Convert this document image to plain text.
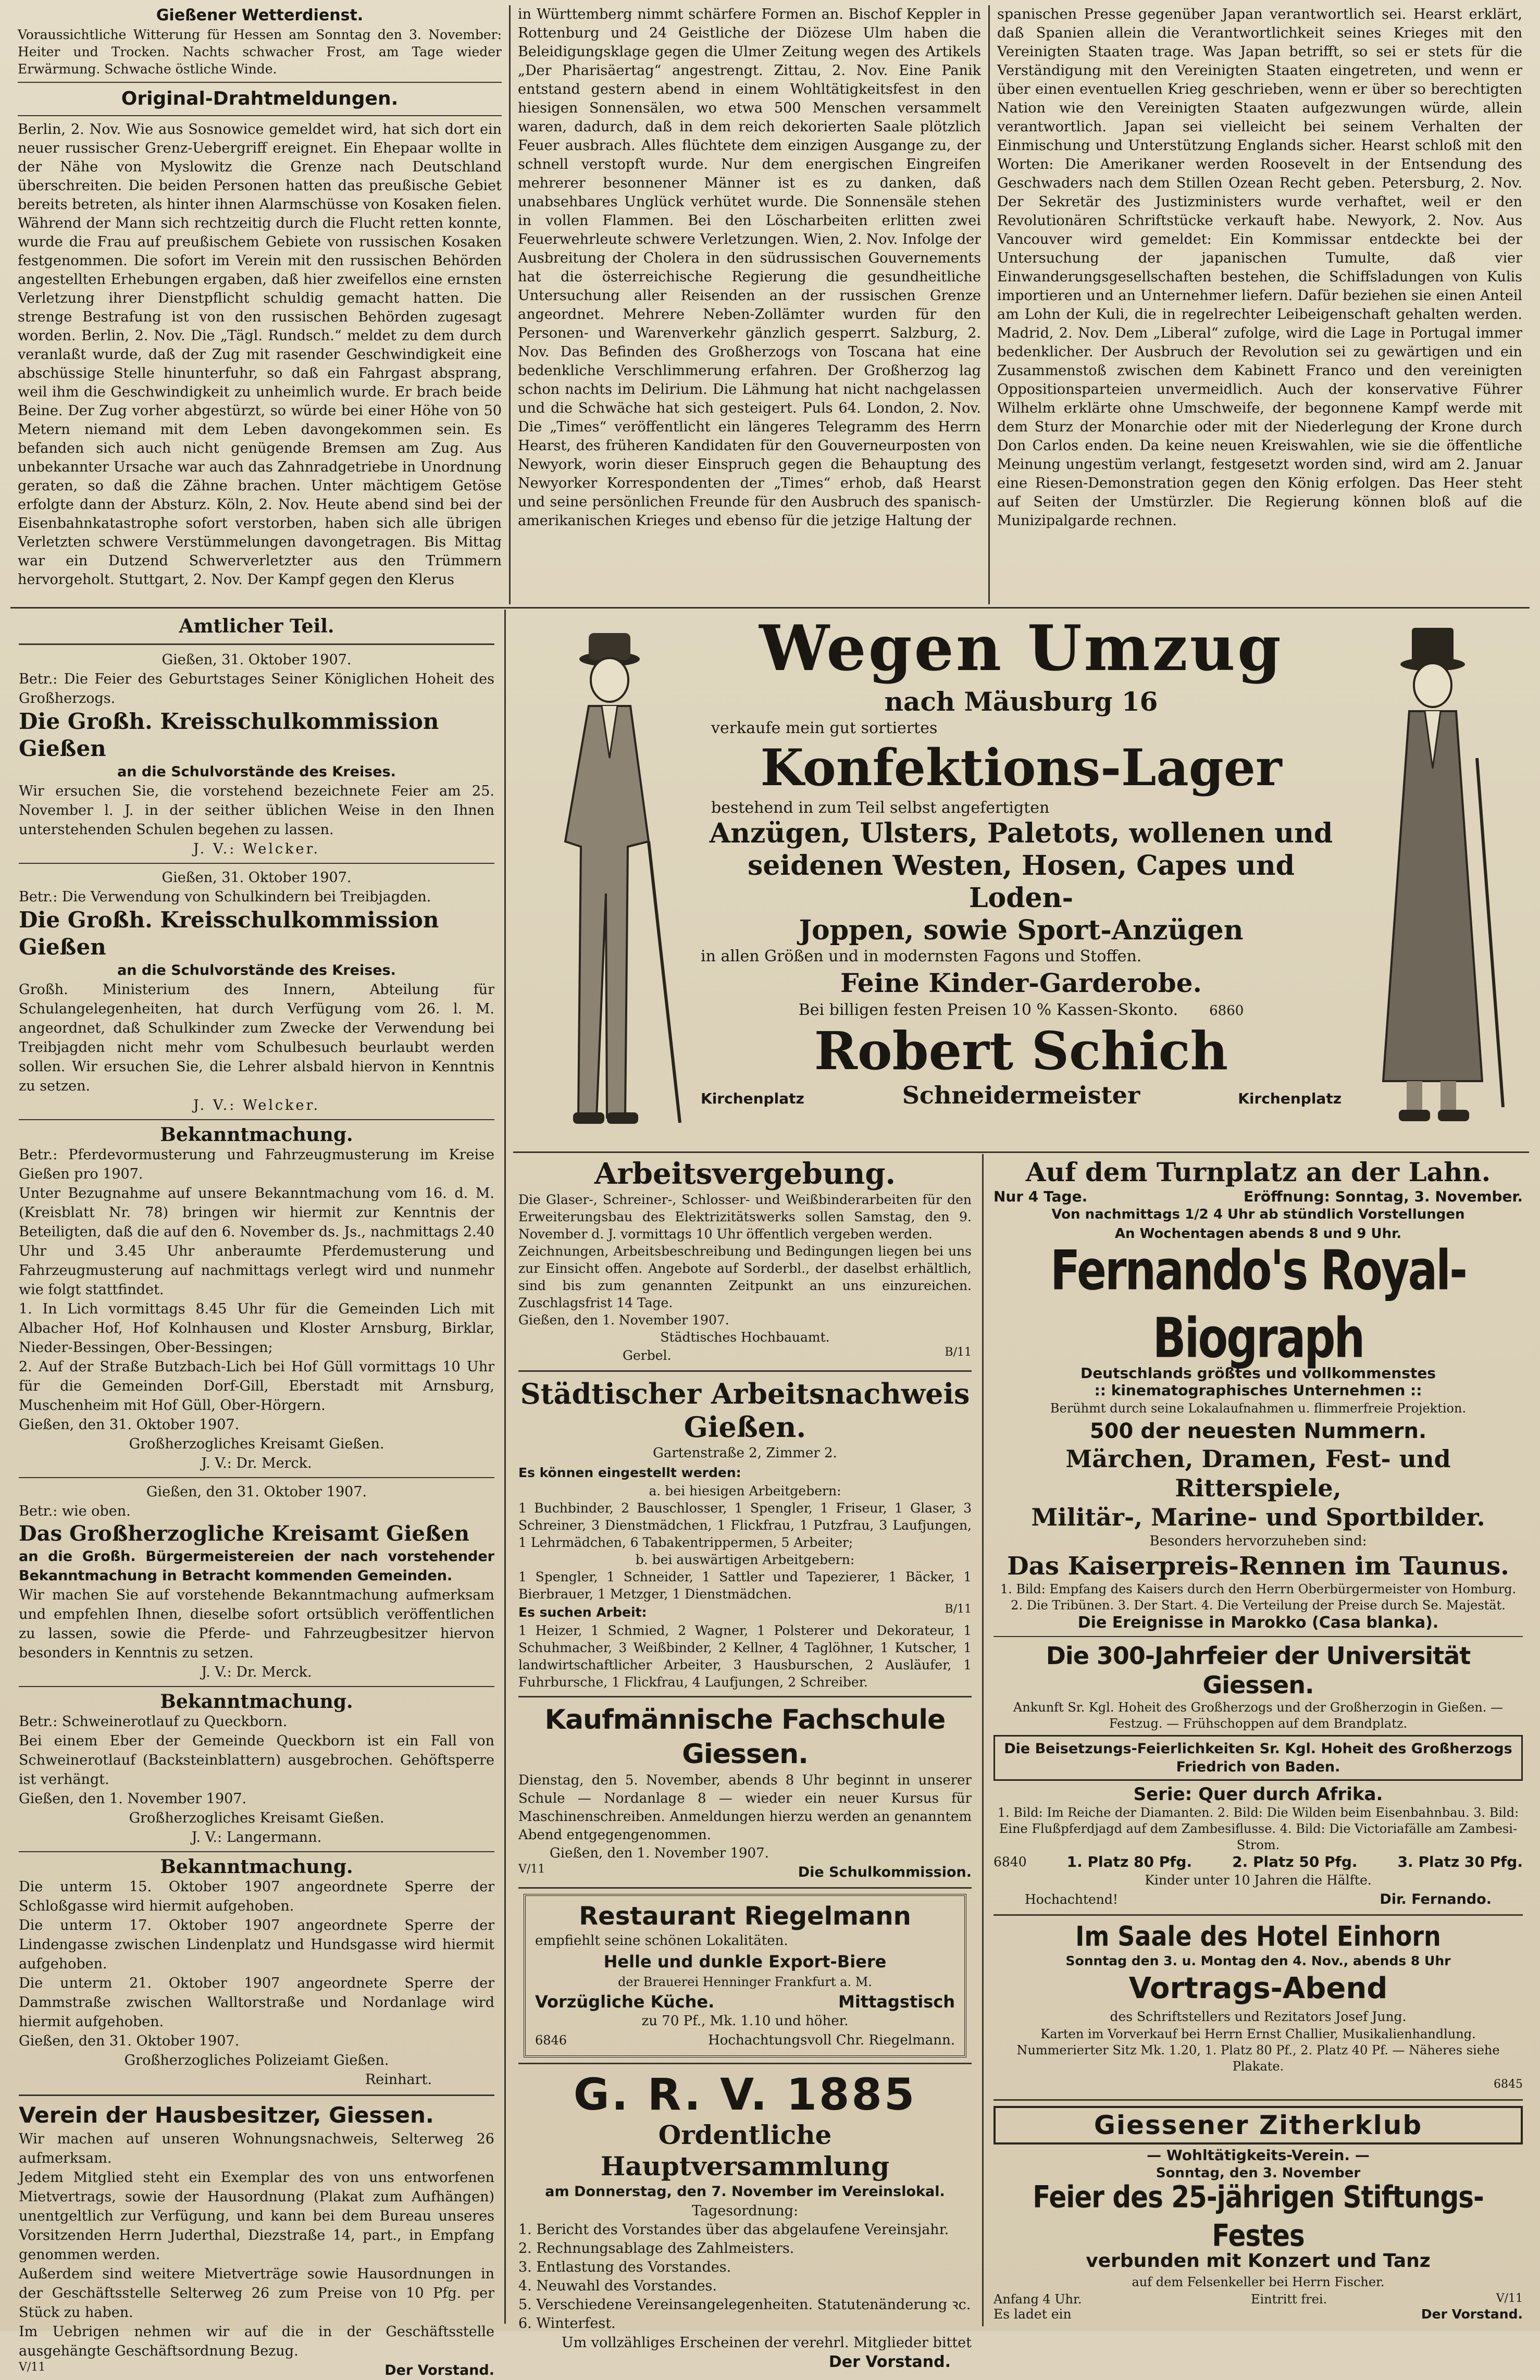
Gießener Wetterdienst.

Voraussichtliche Witterung für Hessen am Sonntag den 3. November: Heiter und Trocken. Nachts schwacher Frost, am Tage wieder Erwärmung. Schwache östliche Winde.

Original-Drahtmeldungen.

Berlin, 2. Nov. Wie aus Sosnowice gemeldet wird, hat sich dort ein neuer russischer Grenz-Uebergriff ereignet. Ein Ehepaar wollte in der Nähe von Myslowitz die Grenze nach Deutschland überschreiten. Die beiden Personen hatten das preußische Gebiet bereits betreten, als hinter ihnen Alarmschüsse von Kosaken fielen. Während der Mann sich rechtzeitig durch die Flucht retten konnte, wurde die Frau auf preußischem Gebiete von russischen Kosaken festgenommen. Die sofort im Verein mit den russischen Behörden angestellten Erhebungen ergaben, daß hier zweifellos eine ernsten Verletzung ihrer Dienstpflicht schuldig gemacht hatten. Die strenge Bestrafung ist von den russischen Behörden zugesagt worden. Berlin, 2. Nov. Die „Tägl. Rundsch.“ meldet zu dem durch veranlaßt wurde, daß der Zug mit rasender Geschwindigkeit eine abschüssige Stelle hinunterfuhr, so daß ein Fahrgast absprang, weil ihm die Geschwindigkeit zu unheimlich wurde. Er brach beide Beine. Der Zug vorher abgestürzt, so würde bei einer Höhe von 50 Metern niemand mit dem Leben davongekommen sein. Es befanden sich auch nicht genügende Bremsen am Zug. Aus unbekannter Ursache war auch das Zahnradgetriebe in Unordnung geraten, so daß die Zähne brachen. Unter mächtigem Getöse erfolgte dann der Absturz. Köln, 2. Nov. Heute abend sind bei der Eisenbahnkatastrophe sofort verstorben, haben sich alle übrigen Verletzten schwere Verstümmelungen davongetragen. Bis Mittag war ein Dutzend Schwerverletzter aus den Trümmern hervorgeholt. Stuttgart, 2. Nov. Der Kampf gegen den Klerus

in Württemberg nimmt schärfere Formen an. Bischof Keppler in Rottenburg und 24 Geistliche der Diözese Ulm haben die Beleidigungsklage gegen die Ulmer Zeitung wegen des Artikels „Der Pharisäertag“ angestrengt. Zittau, 2. Nov. Eine Panik entstand gestern abend in einem Wohltätigkeitsfest in den hiesigen Sonnensälen, wo etwa 500 Menschen versammelt waren, dadurch, daß in dem reich dekorierten Saale plötzlich Feuer ausbrach. Alles flüchtete dem einzigen Ausgange zu, der schnell verstopft wurde. Nur dem energischen Eingreifen mehrerer besonnener Männer ist es zu danken, daß unabsehbares Unglück verhütet wurde. Die Sonnensäle stehen in vollen Flammen. Bei den Löscharbeiten erlitten zwei Feuerwehrleute schwere Verletzungen. Wien, 2. Nov. Infolge der Ausbreitung der Cholera in den südrussischen Gouvernements hat die österreichische Regierung die gesundheitliche Untersuchung aller Reisenden an der russischen Grenze angeordnet. Mehrere Neben-Zollämter wurden für den Personen- und Warenverkehr gänzlich gesperrt. Salzburg, 2. Nov. Das Befinden des Großherzogs von Toscana hat eine bedenkliche Verschlimmerung erfahren. Der Großherzog lag schon nachts im Delirium. Die Lähmung hat nicht nachgelassen und die Schwäche hat sich gesteigert. Puls 64. London, 2. Nov. Die „Times“ veröffentlicht ein längeres Telegramm des Herrn Hearst, des früheren Kandidaten für den Gouverneurposten von Newyork, worin dieser Einspruch gegen die Behauptung des Newyorker Korrespondenten der „Times“ erhob, daß Hearst und seine persönlichen Freunde für den Ausbruch des spanisch-amerikanischen Krieges und ebenso für die jetzige Haltung der

spanischen Presse gegenüber Japan verantwortlich sei. Hearst erklärt, daß Spanien allein die Verantwortlichkeit seines Krieges mit den Vereinigten Staaten trage. Was Japan betrifft, so sei er stets für die Verständigung mit den Vereinigten Staaten eingetreten, und wenn er über einen eventuellen Krieg geschrieben, wenn er über so berechtigten Nation wie den Vereinigten Staaten aufgezwungen würde, allein verantwortlich. Japan sei vielleicht bei seinem Verhalten der Einmischung und Unterstützung Englands sicher. Hearst schloß mit den Worten: Die Amerikaner werden Roosevelt in der Entsendung des Geschwaders nach dem Stillen Ozean Recht geben. Petersburg, 2. Nov. Der Sekretär des Justizministers wurde verhaftet, weil er den Revolutionären Schriftstücke verkauft habe. Newyork, 2. Nov. Aus Vancouver wird gemeldet: Ein Kommissar entdeckte bei der Untersuchung der japanischen Tumulte, daß vier Einwanderungsgesellschaften bestehen, die Schiffsladungen von Kulis importieren und an Unternehmer liefern. Dafür beziehen sie einen Anteil am Lohn der Kuli, die in regelrechter Leibeigenschaft gehalten werden. Madrid, 2. Nov. Dem „Liberal“ zufolge, wird die Lage in Portugal immer bedenklicher. Der Ausbruch der Revolution sei zu gewärtigen und ein Zusammenstoß zwischen dem Kabinett Franco und den vereinigten Oppositionsparteien unvermeidlich. Auch der konservative Führer Wilhelm erklärte ohne Umschweife, der begonnene Kampf werde mit dem Sturz der Monarchie oder mit der Niederlegung der Krone durch Don Carlos enden. Da keine neuen Kreiswahlen, wie sie die öffentliche Meinung ungestüm verlangt, festgesetzt worden sind, wird am 2. Januar eine Riesen-Demonstration gegen den König erfolgen. Das Heer steht auf Seiten der Umstürzler. Die Regierung können bloß auf die Munizipalgarde rechnen.

Amtlicher Teil.

Gießen, 31. Oktober 1907.

Betr.: Die Feier des Geburtstages Seiner Königlichen Hoheit des Großherzogs.

Die Großh. Kreisschulkommission Gießen

an die Schulvorstände des Kreises.

Wir ersuchen Sie, die vorstehend bezeichnete Feier am 25. November l. J. in der seither üblichen Weise in den Ihnen unterstehenden Schulen begehen zu lassen.

J. V.: Welcker.

Gießen, 31. Oktober 1907.

Betr.: Die Verwendung von Schulkindern bei Treibjagden.

Die Großh. Kreisschulkommission Gießen

an die Schulvorstände des Kreises.

Großh. Ministerium des Innern, Abteilung für Schulangelegenheiten, hat durch Verfügung vom 26. l. M. angeordnet, daß Schulkinder zum Zwecke der Verwendung bei Treibjagden nicht mehr vom Schulbesuch beurlaubt werden sollen. Wir ersuchen Sie, die Lehrer alsbald hiervon in Kenntnis zu setzen.

J. V.: Welcker.

Bekanntmachung.

Betr.: Pferdevormusterung und Fahrzeugmusterung im Kreise Gießen pro 1907.

Unter Bezugnahme auf unsere Bekanntmachung vom 16. d. M. (Kreisblatt Nr. 78) bringen wir hiermit zur Kenntnis der Beteiligten, daß die auf den 6. November ds. Js., nachmittags 2.40 Uhr und 3.45 Uhr anberaumte Pferdemusterung und Fahrzeugmusterung auf nachmittags verlegt wird und nunmehr wie folgt stattfindet.

1. In Lich vormittags 8.45 Uhr für die Gemeinden Lich mit Albacher Hof, Hof Kolnhausen und Kloster Arnsburg, Birklar, Nieder-Bessingen, Ober-Bessingen;

2. Auf der Straße Butzbach-Lich bei Hof Güll vormittags 10 Uhr für die Gemeinden Dorf-Gill, Eberstadt mit Arnsburg, Muschenheim mit Hof Güll, Ober-Hörgern.

Gießen, den 31. Oktober 1907.

Großherzogliches Kreisamt Gießen.

J. V.: Dr. Merck.

Gießen, den 31. Oktober 1907.

Betr.: wie oben.

Das Großherzogliche Kreisamt Gießen

an die Großh. Bürgermeistereien der nach vorstehender Bekanntmachung in Betracht kommenden Gemeinden.

Wir machen Sie auf vorstehende Bekanntmachung aufmerksam und empfehlen Ihnen, dieselbe sofort ortsüblich veröffentlichen zu lassen, sowie die Pferde- und Fahrzeugbesitzer hiervon besonders in Kenntnis zu setzen.

J. V.: Dr. Merck.

Bekanntmachung.

Betr.: Schweinerotlauf zu Queckborn.

Bei einem Eber der Gemeinde Queckborn ist ein Fall von Schweinerotlauf (Backsteinblattern) ausgebrochen. Gehöftsperre ist verhängt.

Gießen, den 1. November 1907.

Großherzogliches Kreisamt Gießen.

J. V.: Langermann.

Bekanntmachung.

Die unterm 15. Oktober 1907 angeordnete Sperre der Schloßgasse wird hiermit aufgehoben.

Die unterm 17. Oktober 1907 angeordnete Sperre der Lindengasse zwischen Lindenplatz und Hundsgasse wird hiermit aufgehoben.

Die unterm 21. Oktober 1907 angeordnete Sperre der Dammstraße zwischen Walltorstraße und Nordanlage wird hiermit aufgehoben.

Gießen, den 31. Oktober 1907.

Großherzogliches Polizeiamt Gießen.

Reinhart.

Verein der Hausbesitzer, Giessen.

Wir machen auf unseren Wohnungsnachweis, Selterweg 26 aufmerksam.

Jedem Mitglied steht ein Exemplar des von uns entworfenen Mietvertrags, sowie der Hausordnung (Plakat zum Aufhängen) unentgeltlich zur Verfügung, und kann bei dem Bureau unseres Vorsitzenden Herrn Juderthal, Diezstraße 14, part., in Empfang genommen werden.

Außerdem sind weitere Mietverträge sowie Hausordnungen in der Geschäftsstelle Selterweg 26 zum Preise von 10 Pfg. per Stück zu haben.

Im Uebrigen nehmen wir auf die in der Geschäftsstelle ausgehängte Geschäftsordnung Bezug.

V/11	Der Vorstand.

Wegen Umzug

nach Mäusburg 16

verkaufe mein gut sortiertes

Konfektions-Lager

bestehend in zum Teil selbst angefertigten

Anzügen, Ulsters, Paletots, wollenen und

seidenen Westen, Hosen, Capes und Loden-

Joppen, sowie Sport-Anzügen

in allen Größen und in modernsten Fagons und Stoffen.

Feine Kinder-Garderobe.

Bei billigen festen Preisen 10 % Kassen-Skonto. 6860

Robert Schich

Kirchenplatz	Schneidermeister	Kirchenplatz

Arbeitsvergebung.

Die Glaser-, Schreiner-, Schlosser- und Weißbinderarbeiten für den Erweiterungsbau des Elektrizitätswerks sollen Samstag, den 9. November d. J. vormittags 10 Uhr öffentlich vergeben werden.

Zeichnungen, Arbeitsbeschreibung und Bedingungen liegen bei uns zur Einsicht offen. Angebote auf Sorderbl., der daselbst erhältlich, sind bis zum genannten Zeitpunkt an uns einzureichen. Zuschlagsfrist 14 Tage.

Gießen, den 1. November 1907.

Städtisches Hochbauamt.

Gerbel.	B/11

Städtischer Arbeitsnachweis Gießen.

Gartenstraße 2, Zimmer 2.

Es können eingestellt werden:

a. bei hiesigen Arbeitgebern:

1 Buchbinder, 2 Bauschlosser, 1 Spengler, 1 Friseur, 1 Glaser, 3 Schreiner, 3 Dienstmädchen, 1 Flickfrau, 1 Putzfrau, 3 Laufjungen, 1 Lehrmädchen, 6 Tabakentrippermen, 5 Arbeiter;

b. bei auswärtigen Arbeitgebern:

1 Spengler, 1 Schneider, 1 Sattler und Tapezierer, 1 Bäcker, 1 Bierbrauer, 1 Metzger, 1 Dienstmädchen.

Es suchen Arbeit:	B/11

1 Heizer, 1 Schmied, 2 Wagner, 1 Polsterer und Dekorateur, 1 Schuhmacher, 3 Weißbinder, 2 Kellner, 4 Taglöhner, 1 Kutscher, 1 landwirtschaftlicher Arbeiter, 3 Hausburschen, 2 Ausläufer, 1 Fuhrbursche, 1 Flickfrau, 4 Laufjungen, 2 Schreiber.

Kaufmännische Fachschule Giessen.

Dienstag, den 5. November, abends 8 Uhr beginnt in unserer Schule — Nordanlage 8 — wieder ein neuer Kursus für Maschinenschreiben. Anmeldungen hierzu werden an genanntem Abend entgegengenommen.

Gießen, den 1. November 1907.

V/11	Die Schulkommission.

Restaurant Riegelmann

empfiehlt seine schönen Lokalitäten.

Helle und dunkle Export-Biere

der Brauerei Henninger Frankfurt a. M.

Vorzügliche Küche.	Mittagstisch

zu 70 Pf., Mk. 1.10 und höher.

6846	Hochachtungsvoll Chr. Riegelmann.

G. R. V. 1885

Ordentliche Hauptversammlung

am Donnerstag, den 7. November im Vereinslokal.

Tagesordnung:

1. Bericht des Vorstandes über das abgelaufene Vereinsjahr.

2. Rechnungsablage des Zahlmeisters.

3. Entlastung des Vorstandes.

4. Neuwahl des Vorstandes.

5. Verschiedene Vereinsangelegenheiten. Statutenänderung ꝛc.

6. Winterfest.

Um vollzähliges Erscheinen der verehrl. Mitglieder bittet

Der Vorstand.

Auf dem Turnplatz an der Lahn.

Nur 4 Tage.	Eröffnung: Sonntag, 3. November.

Von nachmittags 1/2 4 Uhr ab stündlich Vorstellungen

An Wochentagen abends 8 und 9 Uhr.

Fernando's Royal-Biograph

Deutschlands größtes und vollkommenstes

:: kinematographisches Unternehmen ::

Berühmt durch seine Lokalaufnahmen u. flimmerfreie Projektion.

500 der neuesten Nummern.

Märchen, Dramen, Fest- und Ritterspiele,

Militär-, Marine- und Sportbilder.

Besonders hervorzuheben sind:

Das Kaiserpreis-Rennen im Taunus.

1. Bild: Empfang des Kaisers durch den Herrn Oberbürgermeister von Homburg. 2. Die Tribünen. 3. Der Start. 4. Die Verteilung der Preise durch Se. Majestät.

Die Ereignisse in Marokko (Casa blanka).

Die 300-Jahrfeier der Universität Giessen.

Ankunft Sr. Kgl. Hoheit des Großherzogs und der Großherzogin in Gießen. — Festzug. — Frühschoppen auf dem Brandplatz.

Die Beisetzungs-Feierlichkeiten Sr. Kgl. Hoheit des Großherzogs Friedrich von Baden.

Serie: Quer durch Afrika.

1. Bild: Im Reiche der Diamanten. 2. Bild: Die Wilden beim Eisenbahnbau. 3. Bild: Eine Flußpferdjagd auf dem Zambesiflusse. 4. Bild: Die Victoriafälle am Zambesi-Strom.

6840	1. Platz 80 Pfg.	2. Platz 50 Pfg.	3. Platz 30 Pfg.

Kinder unter 10 Jahren die Hälfte.

Hochachtend!	Dir. Fernando.

Im Saale des Hotel Einhorn

Sonntag den 3. u. Montag den 4. Nov., abends 8 Uhr

Vortrags-Abend

des Schriftstellers und Rezitators Josef Jung.

Karten im Vorverkauf bei Herrn Ernst Challier, Musikalienhandlung. Nummerierter Sitz Mk. 1.20, 1. Platz 80 Pf., 2. Platz 40 Pf. — Näheres siehe Plakate.

6845

Giessener Zitherklub

— Wohltätigkeits-Verein. —

Sonntag, den 3. November

Feier des 25-jährigen Stiftungs-Festes

verbunden mit Konzert und Tanz

auf dem Felsenkeller bei Herrn Fischer.

Anfang 4 Uhr.	Eintritt frei.	V/11
Es ladet ein	Der Vorstand.
